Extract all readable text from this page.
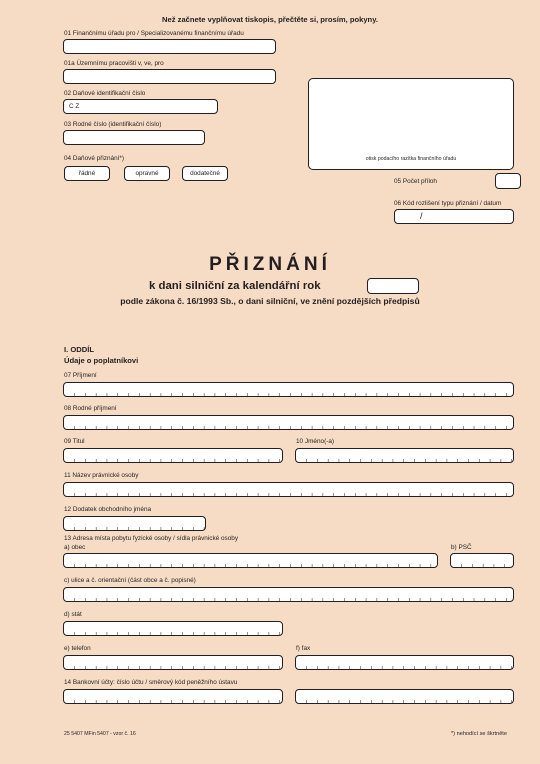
Než začnete vyplňovat tiskopis, přečtěte si, prosím, pokyny.
01 Finančnímu úřadu pro / Specializovanému finančnímu úřadu
01a Územnímu pracovišti v, ve, pro
02 Daňové identifikační číslo
C Z
03 Rodné číslo (identifikační číslo)
04 Daňové přiznání*)
řádné	opravné	dodatečné
otisk podacího razítka finančního úřadu
05 Počet příloh
06 Kód rozlišení typu přiznání / datum
/
PŘIZNÁNÍ
k dani silniční za kalendářní rok
podle zákona č. 16/1993 Sb., o dani silniční, ve znění pozdějších předpisů
I. ODDÍL
Údaje o poplatníkovi
07 Příjmení
08 Rodné příjmení
09 Titul	10 Jméno(-a)
11 Název právnické osoby
12 Dodatek obchodního jména
13 Adresa místa pobytu fyzické osoby / sídla právnické osoby
a) obec	b) PSČ
c) ulice a č. orientační (část obce a č. popisné)
d) stát
e) telefon	f) fax
14 Bankovní účty: číslo účtu / směrový kód peněžního ústavu
25 5407 MFin 5407 - vzor č. 16	*) nehodící se škrtněte
